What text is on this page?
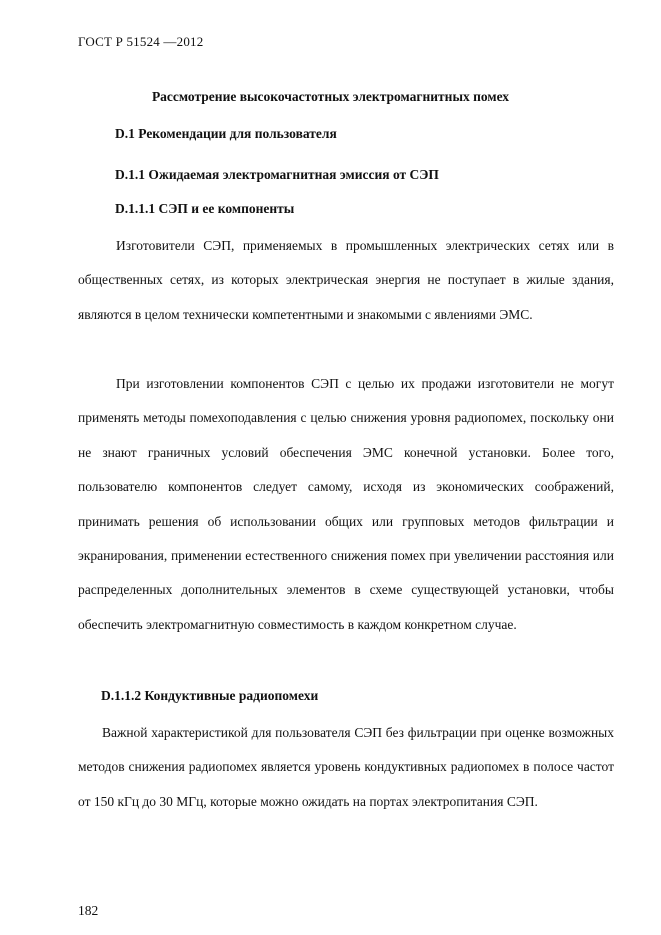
ГОСТ Р 51524 —2012
Рассмотрение высокочастотных электромагнитных помех
D.1 Рекомендации для пользователя
D.1.1 Ожидаемая электромагнитная эмиссия от СЭП
D.1.1.1 СЭП и ее компоненты
Изготовители СЭП, применяемых в промышленных электрических сетях или в общественных сетях, из которых электрическая энергия не поступает в жилые здания, являются в целом технически компетентными и знакомыми с явлениями ЭМС.
При изготовлении компонентов СЭП с целью их продажи изготовители не могут применять методы помехоподавления с целью снижения уровня радиопомех, поскольку они не знают граничных условий обеспечения ЭМС конечной установки. Более того, пользователю компонентов следует самому, исходя из экономических соображений, принимать решения об использовании общих или групповых методов фильтрации и экранирования, применении естественного снижения помех при увеличении расстояния или распределенных дополнительных элементов в схеме существующей установки, чтобы обеспечить электромагнитную совместимость в каждом конкретном случае.
D.1.1.2 Кондуктивные радиопомехи
Важной характеристикой для пользователя СЭП без фильтрации при оценке возможных методов снижения радиопомех является уровень кондуктивных радиопомех в полосе частот от 150 кГц до 30 МГц, которые можно ожидать на портах электропитания СЭП.
182
